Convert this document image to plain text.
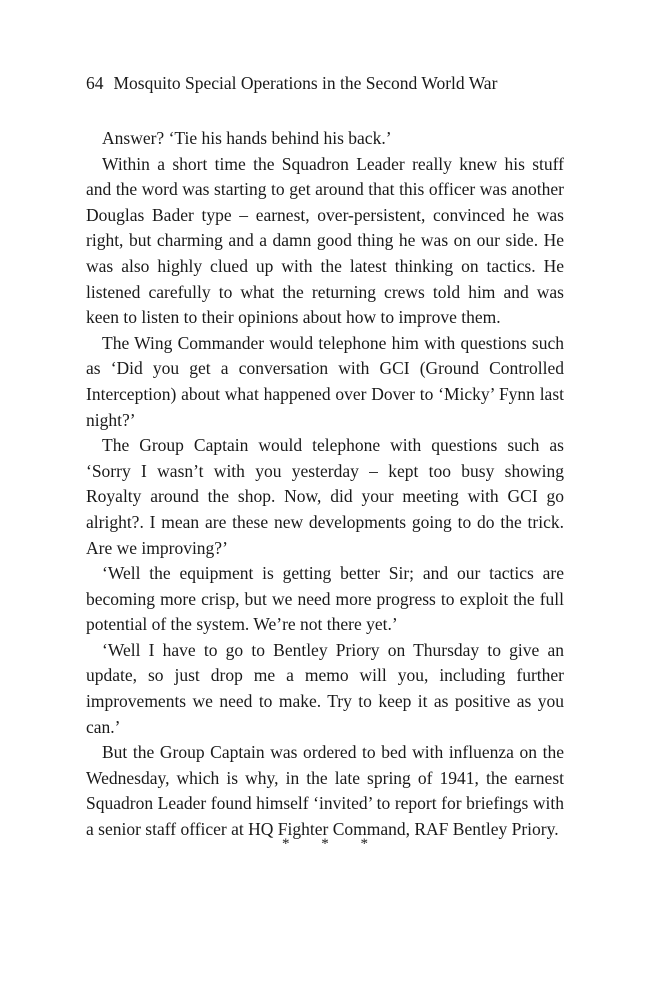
64 Mosquito Special Operations in the Second World War

Answer? ‘Tie his hands behind his back.’

Within a short time the Squadron Leader really knew his stuff and the word was starting to get around that this officer was another Douglas Bader type – earnest, over-persistent, convinced he was right, but charming and a damn good thing he was on our side. He was also highly clued up with the latest thinking on tactics. He listened carefully to what the returning crews told him and was keen to listen to their opinions about how to improve them.

The Wing Commander would telephone him with questions such as ‘Did you get a conversation with GCI (Ground Controlled Interception) about what happened over Dover to ‘Micky’ Fynn last night?’

The Group Captain would telephone with questions such as ‘Sorry I wasn’t with you yesterday – kept too busy showing Royalty around the shop. Now, did your meeting with GCI go alright?. I mean are these new developments going to do the trick. Are we improving?’

‘Well the equipment is getting better Sir; and our tactics are becoming more crisp, but we need more progress to exploit the full potential of the system. We’re not there yet.’

‘Well I have to go to Bentley Priory on Thursday to give an update, so just drop me a memo will you, including further improvements we need to make. Try to keep it as positive as you can.’

But the Group Captain was ordered to bed with influenza on the Wednesday, which is why, in the late spring of 1941, the earnest Squadron Leader found himself ‘invited’ to report for briefings with a senior staff officer at HQ Fighter Command, RAF Bentley Priory.

* * *
